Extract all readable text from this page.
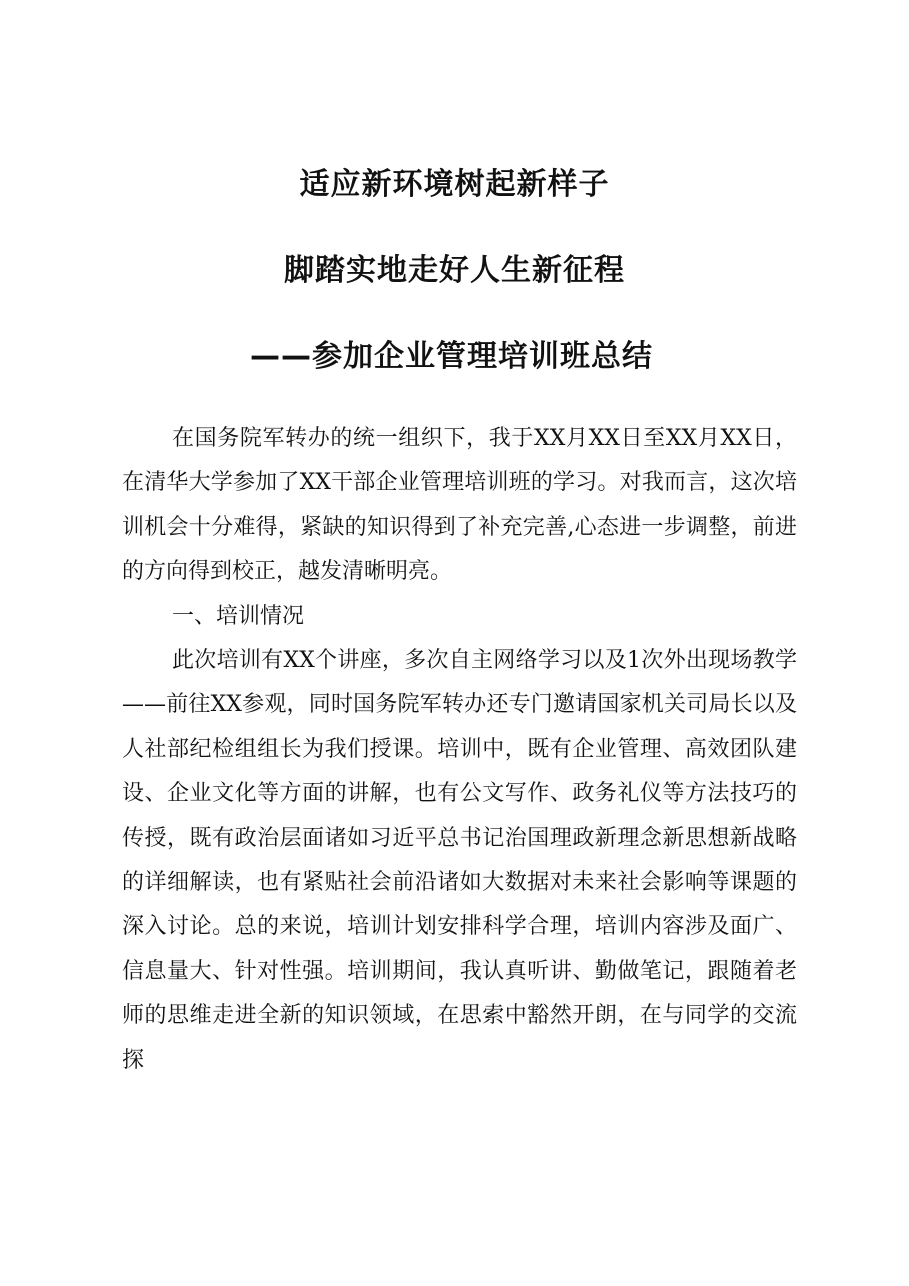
适应新环境树起新样子
脚踏实地走好人生新征程
——参加企业管理培训班总结

在国务院军转办的统一组织下，我于XX月XX日至XX月XX日，在清华大学参加了XX干部企业管理培训班的学习。对我而言，这次培训机会十分难得，紧缺的知识得到了补充完善,心态进一步调整，前进的方向得到校正，越发清晰明亮。

一、培训情况

此次培训有XX个讲座，多次自主网络学习以及1次外出现场教学——前往XX参观，同时国务院军转办还专门邀请国家机关司局长以及人社部纪检组组长为我们授课。培训中，既有企业管理、高效团队建设、企业文化等方面的讲解，也有公文写作、政务礼仪等方法技巧的传授，既有政治层面诸如习近平总书记治国理政新理念新思想新战略的详细解读，也有紧贴社会前沿诸如大数据对未来社会影响等课题的深入讨论。总的来说，培训计划安排科学合理，培训内容涉及面广、信息量大、针对性强。培训期间，我认真听讲、勤做笔记，跟随着老师的思维走进全新的知识领域，在思索中豁然开朗，在与同学的交流探
